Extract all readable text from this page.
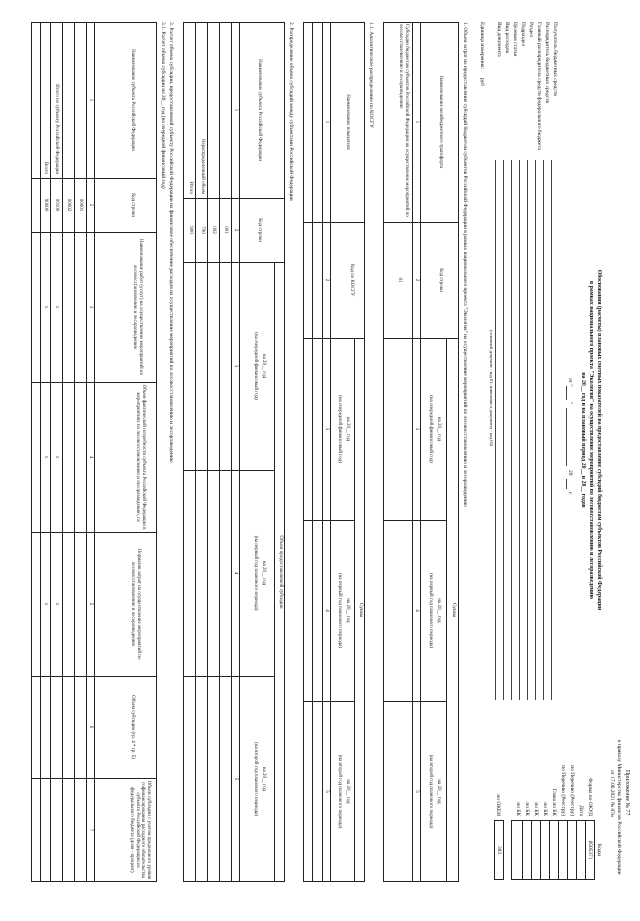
Приложение № 77
к приказу Министерства финансов Российской Федерации
от 17.06.2021 № 87н
Обоснования (расчеты) плановых сметных показателей на предоставление субсидий бюджетам субъектов Российской Федерации
в рамках национального проекта "Экология" на осуществление мероприятий по лесовосстановлению и лесоразведению
на 20__ год и на плановый период 20__ и 20__ годов
от "
"
20
г.
Коды
Форма по ОКУД
0505371
Дата
по Перечню (Реестру)
по Перечню (Реестру)
Глава по БК
по БК
по БК
по БК
по БК
по ОКЕИ
383
Получатель бюджетных средств
Распорядитель бюджетных средств
Главный распорядитель средств федерального бюджета
Раздел
Подраздел
Целевая статья
Вид расходов
Вид документа
(основной документ - код 01; изменение к документу - код 02)
Единица измерения:
руб
1. Объем затрат на предоставление субсидий бюджетам субъектов Российской Федерации в рамках национального проекта "Экология" на осуществление мероприятий по лесовосстановлению и лесоразведению
Наименование межбюджетного трансферта
Код строки
Сумма
на 20__ год
(на очередной финансовый год)
на 20__ год
(на первый год планового периода)
на 20__ год
(на второй год планового периода)
1
2
3
4
5
Субсидии бюджетам субъектов Российской Федерации на осуществление мероприятий по лесовосстановлению и лесоразведению
01
1.1. Аналитическое распределение по КОСГУ
Наименование показателя
Код по КОСГУ
Сумма
на 20__ год
(на очередной финансовый год)
на 20__ год
(на первый год планового периода)
на 20__ год
(на второй год планового периода)
1
2
3
4
5
2. Распределение объема субсидий между субъектами Российской Федерации
Наименование субъекта Российской Федерации
Код строки
Объем предоставляемой субсидии
на 20__ год
(на очередной финансовый год)
на 20__ год
(на первый год планового периода)
на 20__ год
(на второй год планового периода)
1
2
3
4
5
001
002
Нераспределенный объем
700
Итого
900
3. Расчет объема субсидии, предоставляемой субъекту Российской Федерации на финансовое обеспечение расходов на осуществление мероприятий по лесовосстановлению и лесоразведению
3.1. Расчет объема субсидии на 20__ год (на очередной финансовый год)
Наименование субъекта Российской Федерации
Код строки
Наименование работ (услуг) на осуществление мероприятий по лесовосстановлению и лесоразведению
Объем фактической потребности субъекта Российской Федерации в мероприятиях по лесовосстановлению и лесоразведению, га
Норматив затрат на осуществление мероприятий по лесовосстановлению и лесоразведению
Объем субсидии (гр. 4 * гр. 5)
Объем субсидии с учетом предельного уровня софинансирования расходного обязательства субъекта Российской Федерации из федерального бюджета (доля - процент)
1
2
3
4
5
6
7
00001
00002
Итого по субъекту Российской Федерации
00100
x
x
x
Всего
90000
x
x
x
